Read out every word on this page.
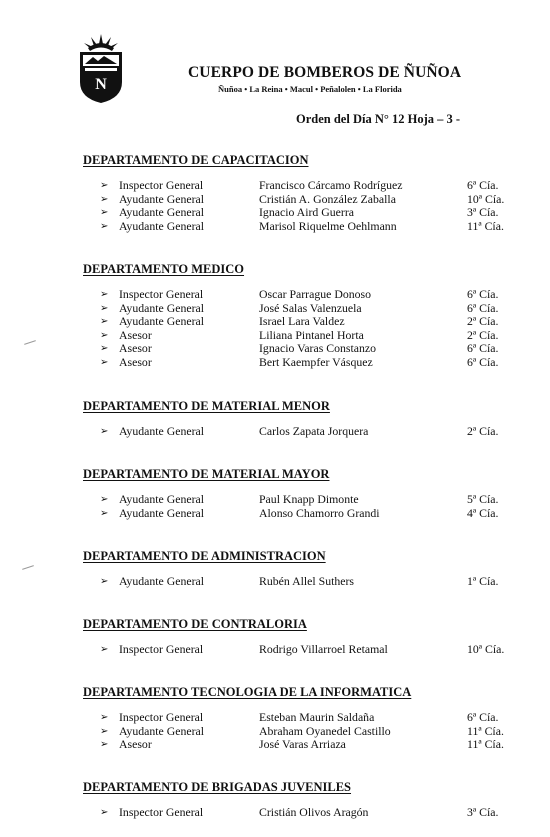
N
CUERPO DE BOMBEROS DE ÑUÑOA
Ñuñoa • La Reina • Macul • Peñalolen • La Florida
Orden del Día N° 12 Hoja – 3 -
DEPARTAMENTO DE CAPACITACION
➢ Inspector General	Francisco Cárcamo Rodríguez	6ª Cía.
➢ Ayudante General	Cristián A. González Zaballa	10ª Cía.
➢ Ayudante General	Ignacio Aird Guerra	3ª Cía.
➢ Ayudante General	Marisol Riquelme Oehlmann	11ª Cía.
DEPARTAMENTO MEDICO
➢ Inspector General	Oscar Parrague Donoso	6ª Cía.
➢ Ayudante General	José Salas Valenzuela	6ª Cía.
➢ Ayudante General	Israel Lara Valdez	2ª Cía.
➢ Asesor	Liliana Pintanel Horta	2ª Cía.
➢ Asesor	Ignacio Varas Constanzo	6ª Cía.
➢ Asesor	Bert Kaempfer Vásquez	6ª Cía.
DEPARTAMENTO DE MATERIAL MENOR
➢ Ayudante General	Carlos Zapata Jorquera	2ª Cía.
DEPARTAMENTO DE MATERIAL MAYOR
➢ Ayudante General	Paul Knapp Dimonte	5ª Cía.
➢ Ayudante General	Alonso Chamorro Grandi	4ª Cía.
DEPARTAMENTO DE ADMINISTRACION
➢ Ayudante General	Rubén Allel Suthers	1ª Cía.
DEPARTAMENTO DE CONTRALORIA
➢ Inspector General	Rodrigo Villarroel Retamal	10ª Cía.
DEPARTAMENTO TECNOLOGIA DE LA INFORMATICA
➢ Inspector General	Esteban Maurin Saldaña	6ª Cía.
➢ Ayudante General	Abraham Oyanedel Castillo	11ª Cía.
➢ Asesor	José Varas Arriaza	11ª Cía.
DEPARTAMENTO DE BRIGADAS JUVENILES
➢ Inspector General	Cristián Olivos Aragón	3ª Cía.
